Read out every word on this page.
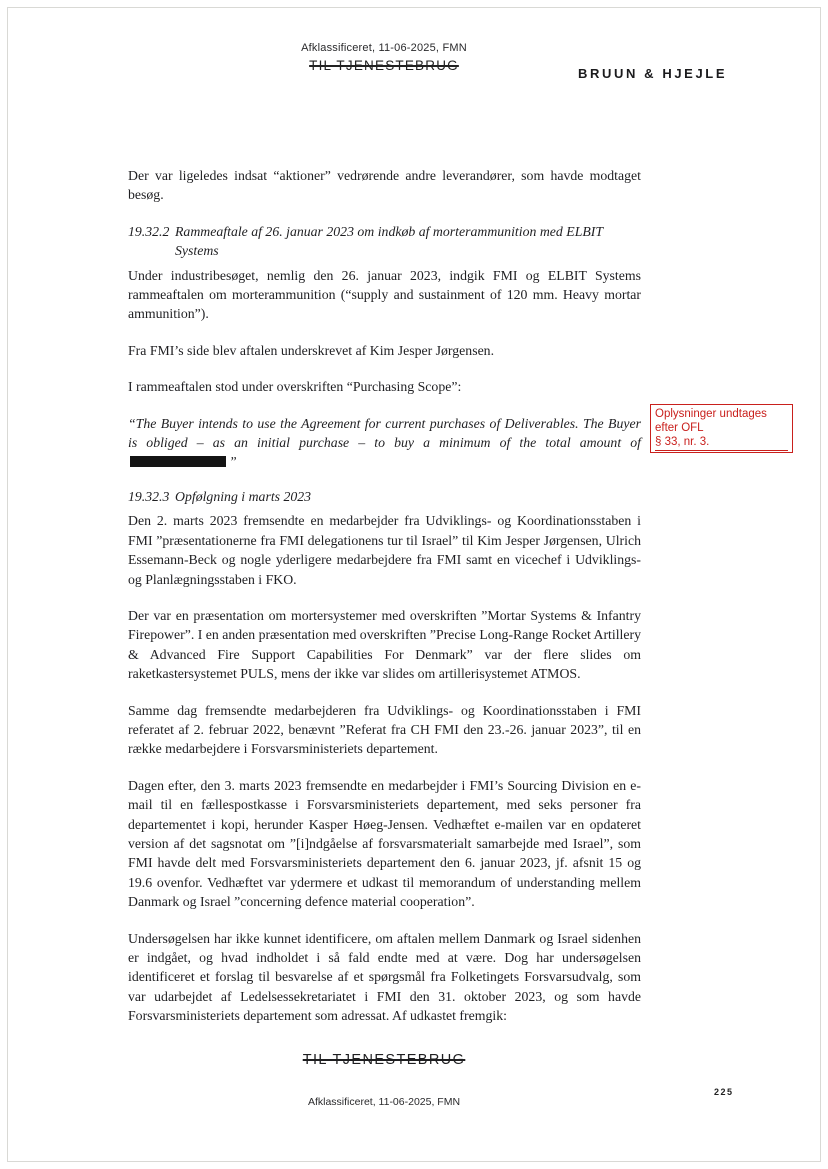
Afklassificeret, 11-06-2025, FMN
TIL TJENESTEBRUG
BRUUN & HJEJLE

Der var ligeledes indsat “aktioner” vedrørende andre leverandører, som havde modtaget besøg.

19.32.2 Rammeaftale af 26. januar 2023 om indkøb af morterammunition med ELBIT Systems

Under industribesøget, nemlig den 26. januar 2023, indgik FMI og ELBIT Systems rammeaftalen om morterammunition (“supply and sustainment of 120 mm. Heavy mortar ammunition”).

Fra FMI’s side blev aftalen underskrevet af Kim Jesper Jørgensen.

I rammeaftalen stod under overskriften “Purchasing Scope”:

“The Buyer intends to use the Agreement for current purchases of Deliverables. The Buyer is obliged – as an initial purchase – to buy a minimum of the total amount of”

19.32.3 Opfølgning i marts 2023

Den 2. marts 2023 fremsendte en medarbejder fra Udviklings- og Koordinationsstaben i FMI ”præsentationerne fra FMI delegationens tur til Israel” til Kim Jesper Jørgensen, Ulrich Essemann-Beck og nogle yderligere medarbejdere fra FMI samt en vicechef i Udviklings- og Planlægningsstaben i FKO.

Der var en præsentation om mortersystemer med overskriften ”Mortar Systems & Infantry Firepower”. I en anden præsentation med overskriften ”Precise Long-Range Rocket Artillery & Advanced Fire Support Capabilities For Denmark” var der flere slides om raketkastersystemet PULS, mens der ikke var slides om artillerisystemet ATMOS.

Samme dag fremsendte medarbejderen fra Udviklings- og Koordinationsstaben i FMI referatet af 2. februar 2022, benævnt ”Referat fra CH FMI den 23.-26. januar 2023”, til en række medarbejdere i Forsvarsministeriets departement.

Dagen efter, den 3. marts 2023 fremsendte en medarbejder i FMI’s Sourcing Division en e-mail til en fællespostkasse i Forsvarsministeriets departement, med seks personer fra departementet i kopi, herunder Kasper Høeg-Jensen. Vedhæftet e-mailen var en opdateret version af det sagsnotat om ”[i]ndgåelse af forsvarsmaterialt samarbejde med Israel”, som FMI havde delt med Forsvarsministeriets departement den 6. januar 2023, jf. afsnit 15 og 19.6 ovenfor. Vedhæftet var ydermere et udkast til memorandum of understanding mellem Danmark og Israel ”concerning defence material cooperation”.

Undersøgelsen har ikke kunnet identificere, om aftalen mellem Danmark og Israel sidenhen er indgået, og hvad indholdet i så fald endte med at være. Dog har undersøgelsen identificeret et forslag til besvarelse af et spørgsmål fra Folketingets Forsvarsudvalg, som var udarbejdet af Ledelsessekretariatet i FMI den 31. oktober 2023, og som havde Forsvarsministeriets departement som adressat. Af udkastet fremgik:

Oplysninger undtages
efter OFL
§ 33, nr. 3.
TIL TJENESTEBRUG
Afklassificeret, 11-06-2025, FMN
225
